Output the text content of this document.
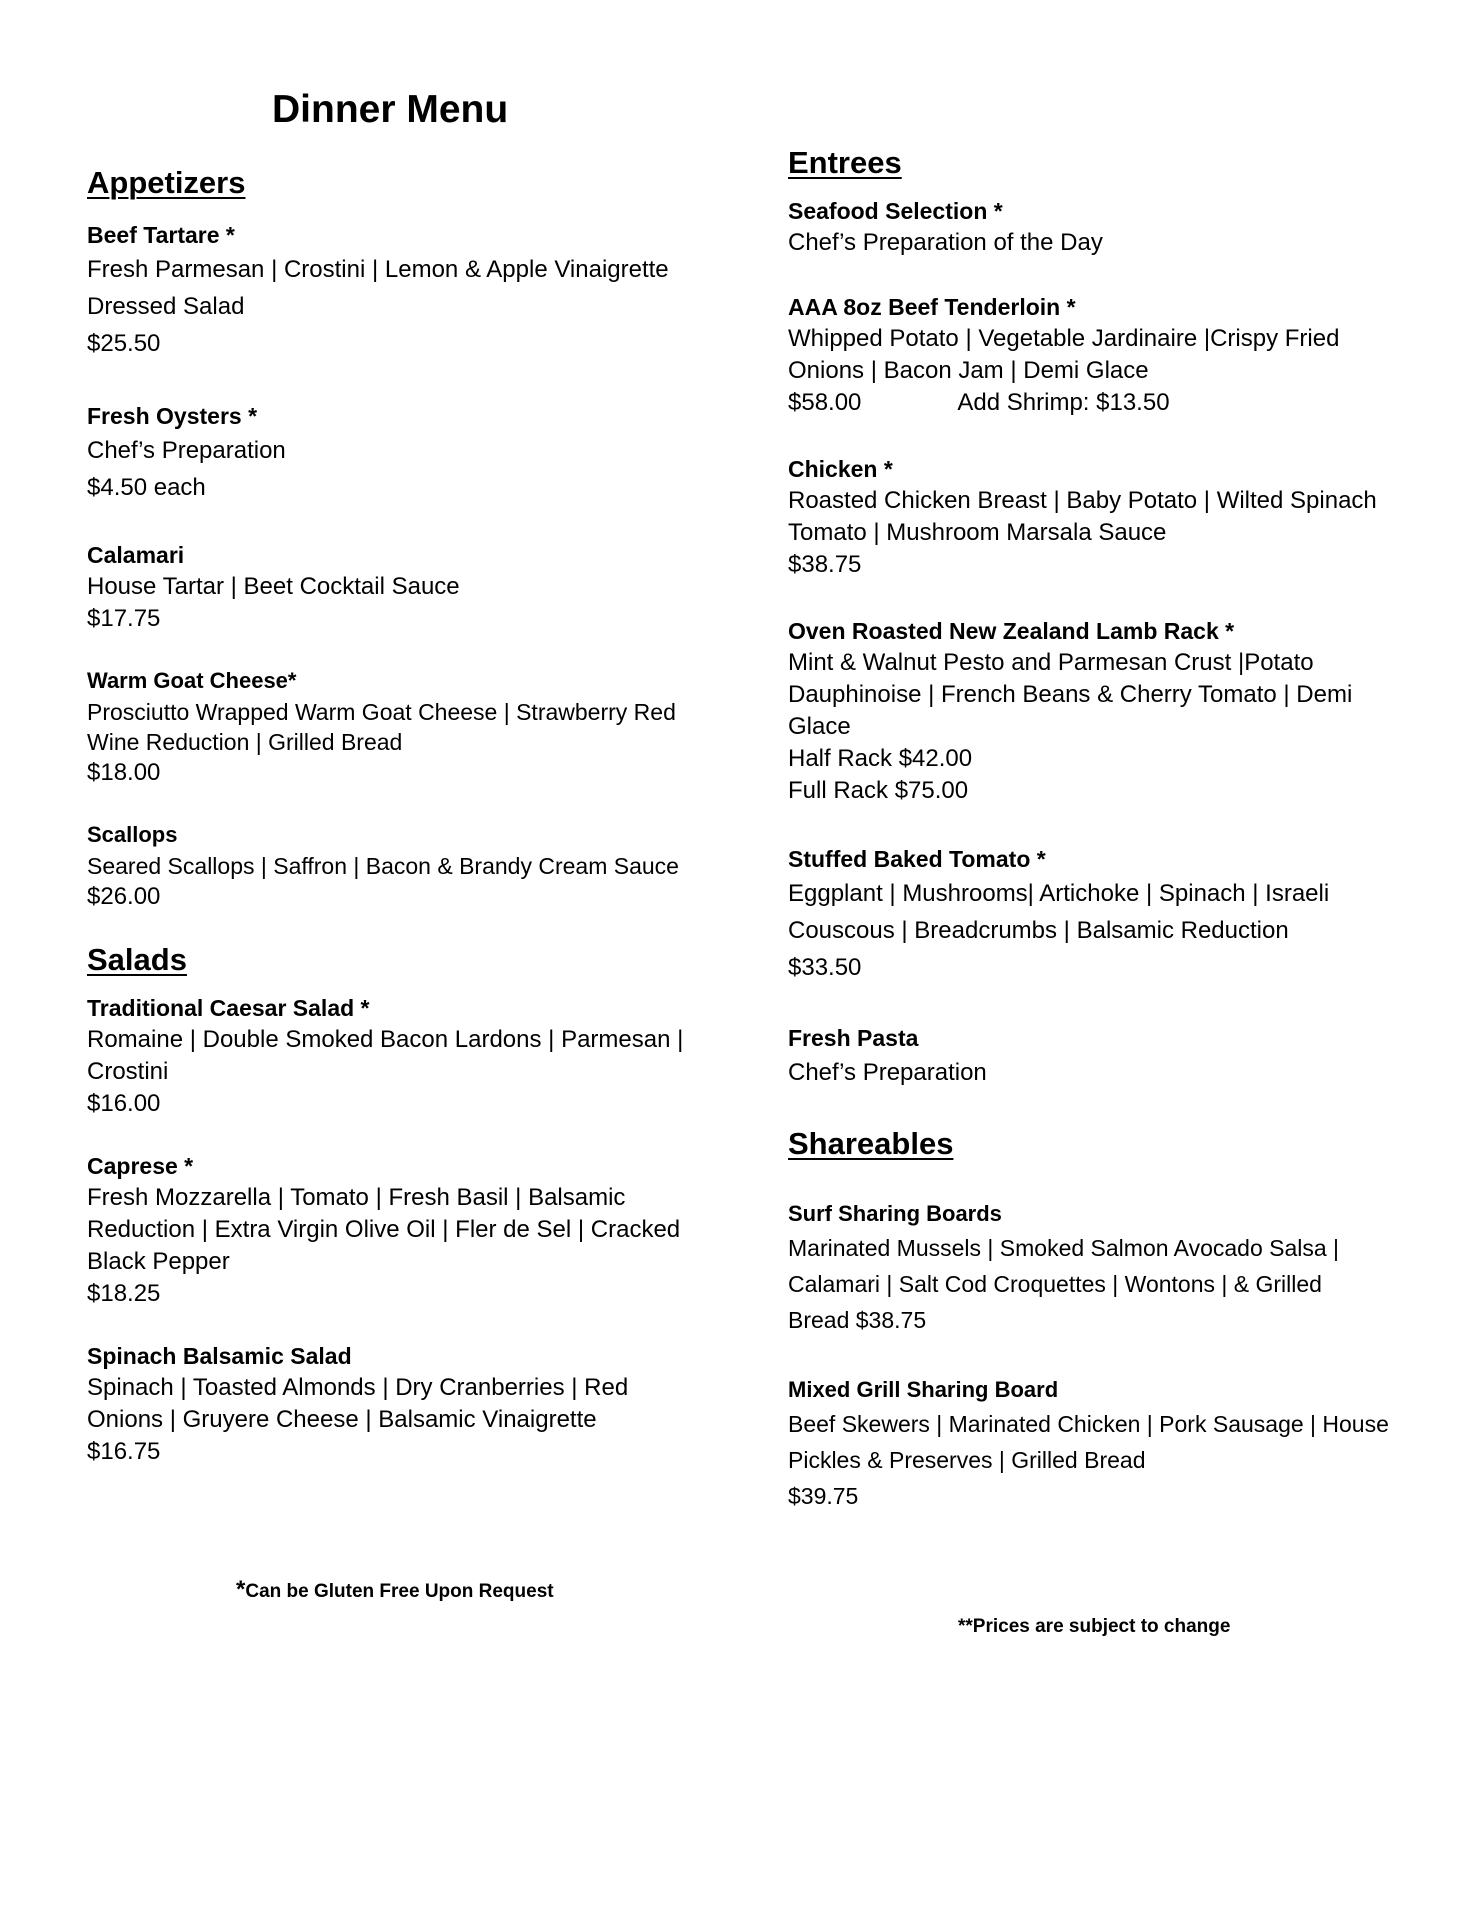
Dinner Menu
Appetizers
Beef Tartare *
Fresh Parmesan | Crostini | Lemon & Apple Vinaigrette Dressed Salad
$25.50
Fresh Oysters *
Chef’s Preparation
$4.50 each
Calamari
House Tartar | Beet Cocktail Sauce
$17.75
Warm Goat Cheese*
Prosciutto Wrapped Warm Goat Cheese | Strawberry Red Wine Reduction | Grilled Bread
$18.00
Scallops
Seared Scallops | Saffron | Bacon & Brandy Cream Sauce
$26.00
Salads
Traditional Caesar Salad *
Romaine | Double Smoked Bacon Lardons | Parmesan | Crostini
$16.00
Caprese *
Fresh Mozzarella | Tomato | Fresh Basil | Balsamic Reduction | Extra Virgin Olive Oil | Fler de Sel | Cracked Black Pepper
$18.25
Spinach Balsamic Salad
Spinach | Toasted Almonds | Dry Cranberries | Red Onions | Gruyere Cheese | Balsamic Vinaigrette
$16.75
Entrees
Seafood Selection *
Chef’s Preparation of the Day
AAA 8oz Beef Tenderloin *
Whipped Potato | Vegetable Jardinaire |Crispy Fried Onions | Bacon Jam | Demi Glace
$58.00	Add Shrimp: $13.50
Chicken *
Roasted Chicken Breast | Baby Potato | Wilted Spinach Tomato | Mushroom Marsala Sauce
$38.75
Oven Roasted New Zealand Lamb Rack *
Mint & Walnut Pesto and Parmesan Crust |Potato Dauphinoise | French Beans & Cherry Tomato | Demi Glace
Half Rack $42.00
Full Rack $75.00
Stuffed Baked Tomato *
Eggplant | Mushrooms| Artichoke | Spinach | Israeli Couscous | Breadcrumbs | Balsamic Reduction
$33.50
Fresh Pasta
Chef’s Preparation
Shareables
Surf Sharing Boards
Marinated Mussels | Smoked Salmon Avocado Salsa | Calamari | Salt Cod Croquettes | Wontons | & Grilled Bread $38.75
Mixed Grill Sharing Board
Beef Skewers | Marinated Chicken | Pork Sausage | House Pickles & Preserves | Grilled Bread
$39.75
*Can be Gluten Free Upon Request
**Prices are subject to change
